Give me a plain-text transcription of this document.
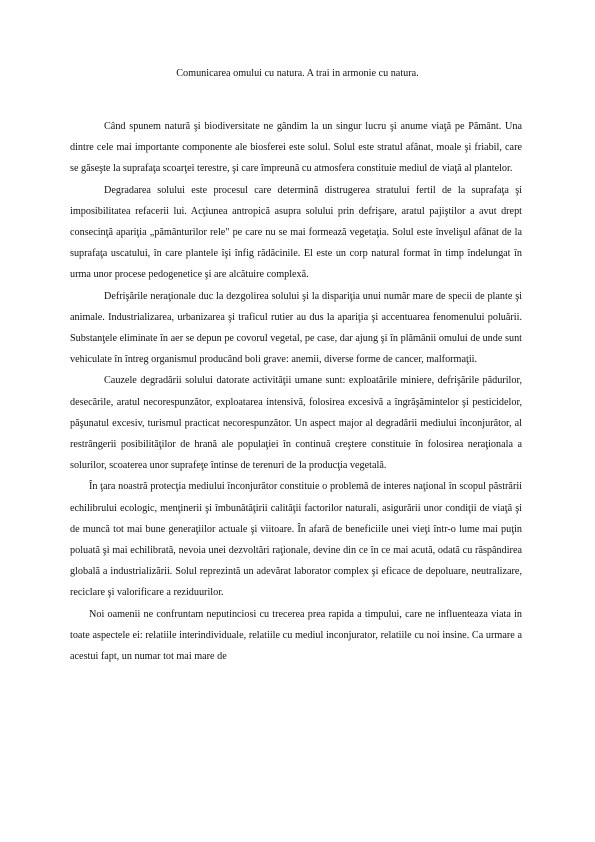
Comunicarea omului cu natura. A trai in armonie cu natura.

Când spunem natură şi biodiversitate ne gândim la un singur lucru şi anume viaţă pe Pământ. Una dintre cele mai importante componente ale biosferei este solul. Solul este stratul afânat, moale şi friabil, care se găseşte la suprafaţa scoarţei terestre, şi care împreună cu atmosfera constituie mediul de viaţă al plantelor.

Degradarea solului este procesul care determină distrugerea stratului fertil de la suprafaţa şi imposibilitatea refacerii lui. Acţiunea antropică asupra solului prin defrişare, aratul pajiştilor a avut drept consecinţă apariţia „pământurilor rele" pe care nu se mai formează vegetaţia. Solul este învelişul afânat de la suprafaţa uscatului, în care plantele îşi înfig rădăcinile. El este un corp natural format în timp îndelungat în urma unor procese pedogenetice şi are alcătuire complexă.

Defrişările neraţionale duc la dezgolirea solului şi la dispariţia unui număr mare de specii de plante şi animale. Industrializarea, urbanizarea şi traficul rutier au dus la apariţia şi accentuarea fenomenului poluării. Substanţele eliminate în aer se depun pe covorul vegetal, pe case, dar ajung şi în plămânii omului de unde sunt vehiculate în întreg organismul producând boli grave: anemii, diverse forme de cancer, malformaţii.

Cauzele degradării solului datorate activităţii umane sunt: exploatările miniere, defrişările pădurilor, desecările, aratul necorespunzător, exploatarea intensivă, folosirea excesivă a îngrăşămintelor şi pesticidelor, păşunatul excesiv, turismul practicat necorespunzător. Un aspect major al degradării mediului înconjurător, al restrângerii posibilităţilor de hrană ale populaţiei în continuă creştere constituie în folosirea neraţionala a solurilor, scoaterea unor suprafeţe întinse de terenuri de la producţia vegetală.

În ţara noastră protecţia mediului înconjurător constituie o problemă de interes naţional în scopul păstrării echilibrului ecologic, menţinerii şi îmbunătăţirii calităţii factorilor naturali, asigurării unor condiţii de viaţă şi de muncă tot mai bune generaţiilor actuale şi viitoare. În afară de beneficiile unei vieţi într-o lume mai puţin poluată şi mai echilibrată, nevoia unei dezvoltări raţionale, devine din ce în ce mai acută, odată cu răspândirea globală a industrializării. Solul reprezintă un adevărat laborator complex şi eficace de depoluare, neutralizare, reciclare şi valorificare a reziduurilor.

Noi oamenii ne confruntam neputinciosi cu trecerea prea rapida a timpului, care ne influenteaza viata in toate aspectele ei: relatiile interindividuale, relatiile cu mediul inconjurator, relatiile cu noi insine. Ca urmare a acestui fapt, un numar tot mai mare de
